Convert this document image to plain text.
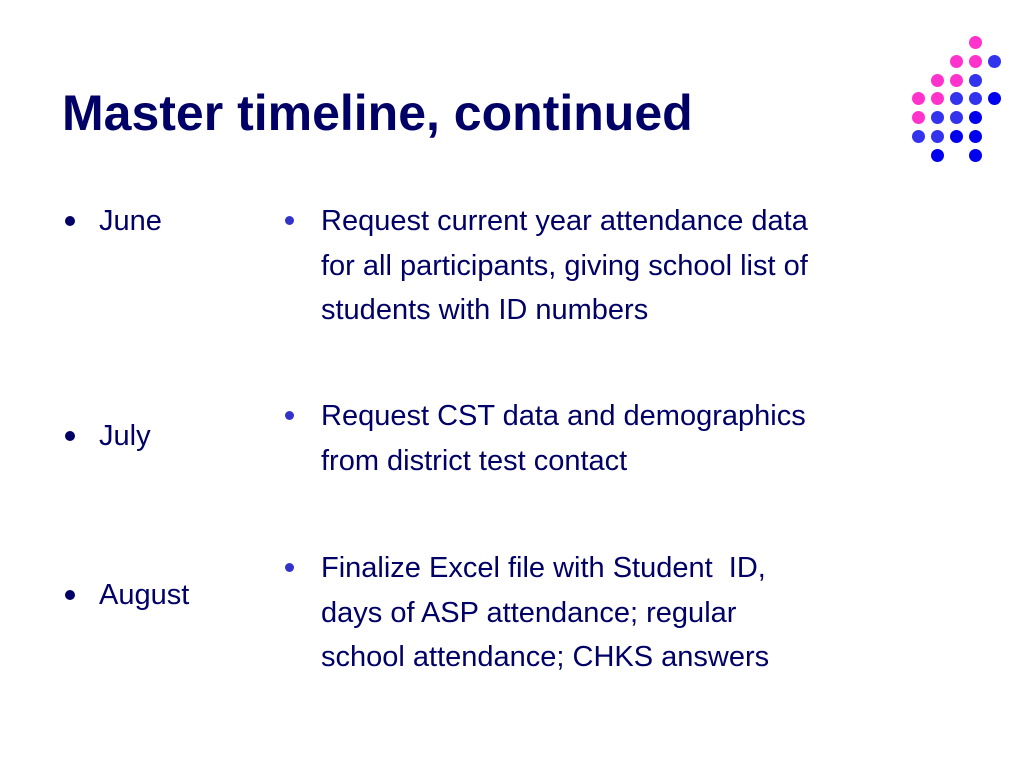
Master timeline, continued
June
July
August
Request current year attendance data
for all participants, giving school list of
students with ID numbers
Request CST data and demographics
from district test contact
Finalize Excel file with Student  ID,
days of ASP attendance; regular
school attendance; CHKS answers
